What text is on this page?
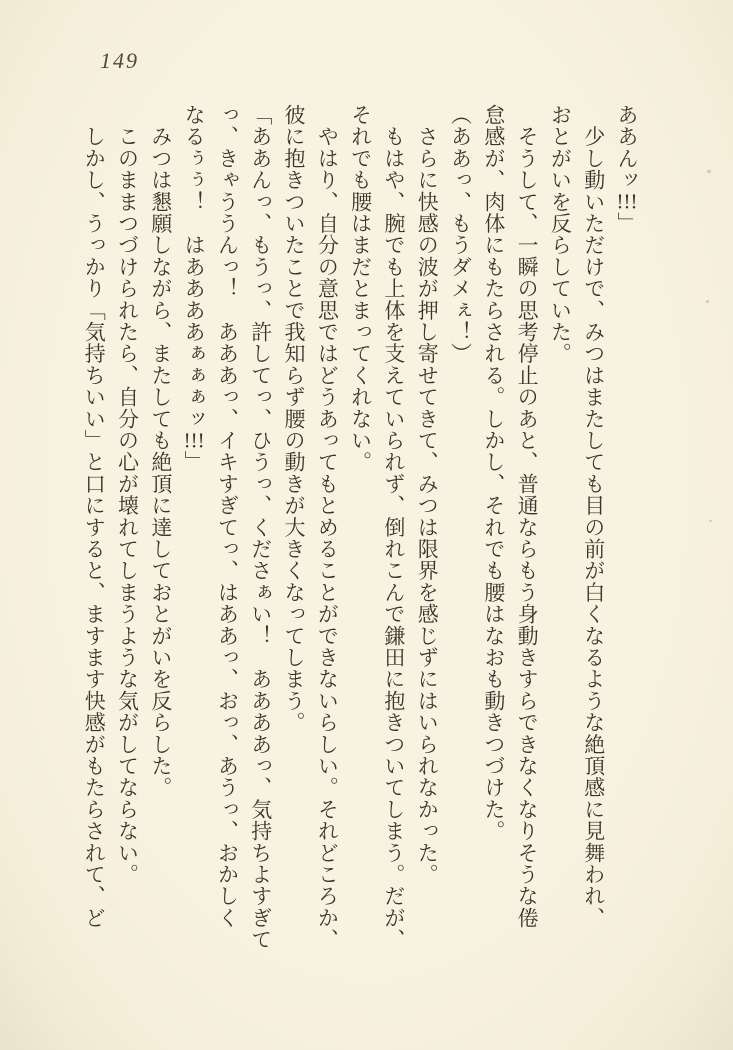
149
ああんッ!!!」
　少し動いただけで、みつはまたしても目の前が白くなるような絶頂感に見舞われ、
おとがいを反らしていた。
　そうして、一瞬の思考停止のあと、普通ならもう身動きすらできなくなりそうな倦
怠感が、肉体にもたらされる。しかし、それでも腰はなおも動きつづけた。
（ああっ、もうダメぇ！）
　さらに快感の波が押し寄せてきて、みつは限界を感じずにはいられなかった。
　もはや、腕でも上体を支えていられず、倒れこんで鎌田に抱きついてしまう。だが、
それでも腰はまだとまってくれない。
　やはり、自分の意思ではどうあってもとめることができないらしい。それどころか、
彼に抱きついたことで我知らず腰の動きが大きくなってしまう。
「ああんっ、もうっ、許してっ、ひうっ、くださぁい！　ああああっ、気持ちよすぎて
っ、きゃううんっ！　あああっ、イキすぎてっ、はああっ、おっ、あうっ、おかしく
なるぅぅ！　はああああぁぁぁッ!!!」
　みつは懇願しながら、またしても絶頂に達しておとがいを反らした。
　このままつづけられたら、自分の心が壊れてしまうような気がしてならない。
　しかし、うっかり「気持ちいい」と口にすると、ますます快感がもたらされて、ど
